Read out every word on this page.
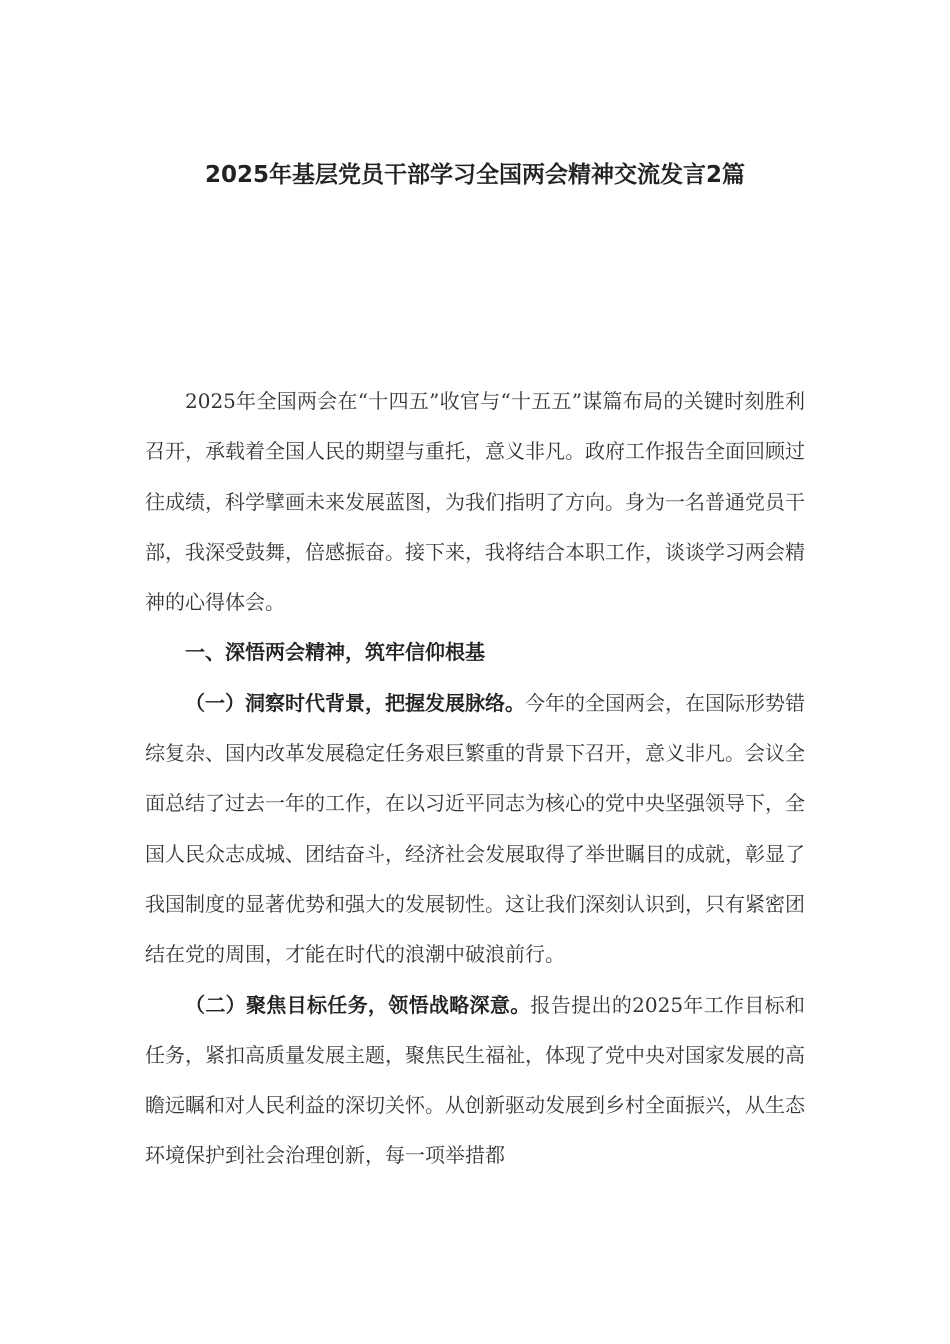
2025年基层党员干部学习全国两会精神交流发言2篇

2025年全国两会在“十四五”收官与“十五五”谋篇布局的关键时刻胜利召开，承载着全国人民的期望与重托，意义非凡。政府工作报告全面回顾过往成绩，科学擘画未来发展蓝图，为我们指明了方向。身为一名普通党员干部，我深受鼓舞，倍感振奋。接下来，我将结合本职工作，谈谈学习两会精神的心得体会。

一、深悟两会精神，筑牢信仰根基

（一）洞察时代背景，把握发展脉络。今年的全国两会，在国际形势错综复杂、国内改革发展稳定任务艰巨繁重的背景下召开，意义非凡。会议全面总结了过去一年的工作，在以习近平同志为核心的党中央坚强领导下，全国人民众志成城、团结奋斗，经济社会发展取得了举世瞩目的成就，彰显了我国制度的显著优势和强大的发展韧性。这让我们深刻认识到，只有紧密团结在党的周围，才能在时代的浪潮中破浪前行。

（二）聚焦目标任务，领悟战略深意。报告提出的2025年工作目标和任务，紧扣高质量发展主题，聚焦民生福祉，体现了党中央对国家发展的高瞻远瞩和对人民利益的深切关怀。从创新驱动发展到乡村全面振兴，从生态环境保护到社会治理创新，每一项举措都
